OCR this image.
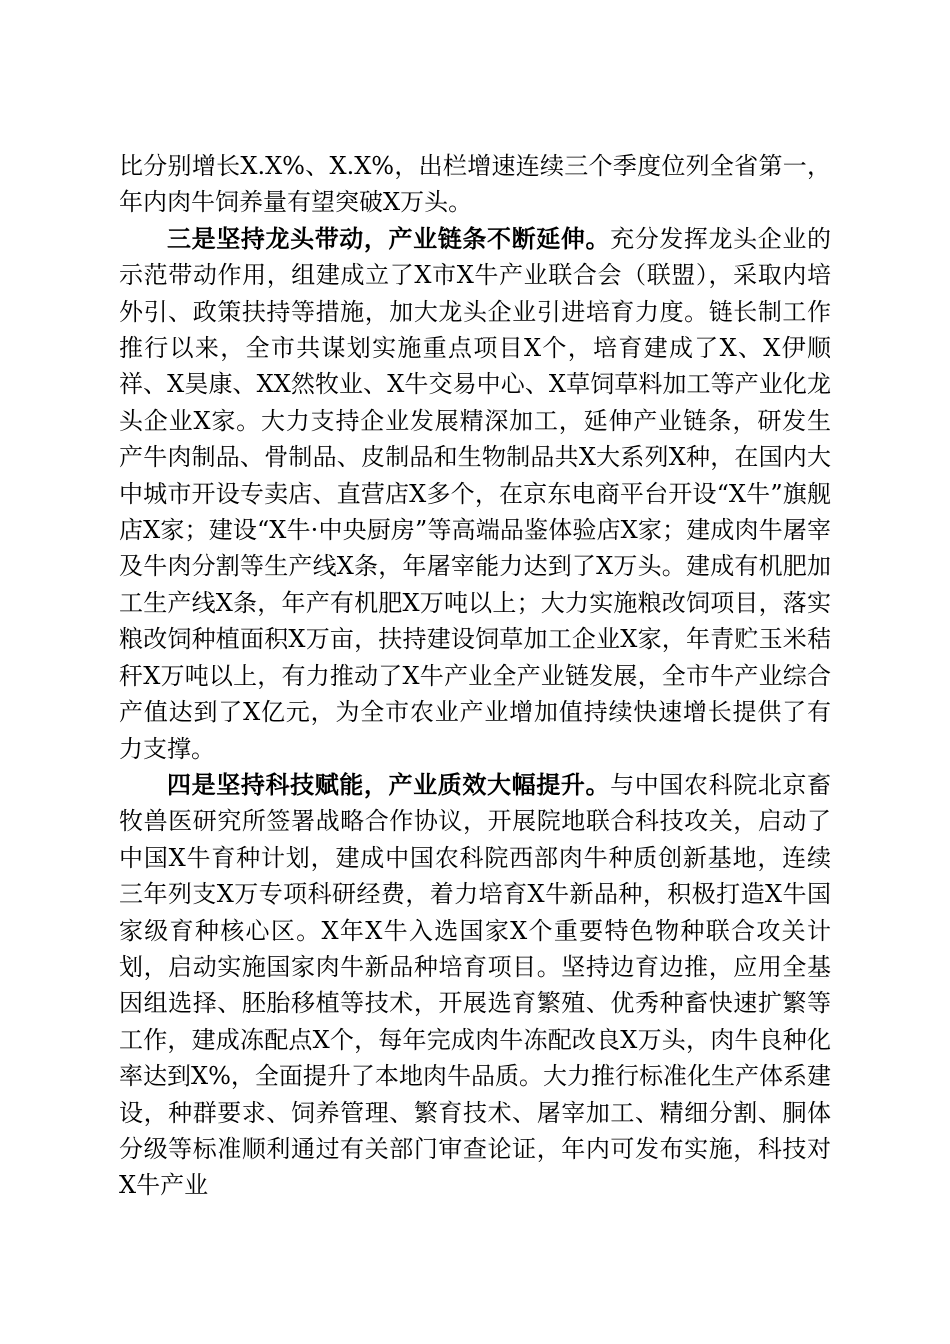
比分别增长X.X%、X.X%，出栏增速连续三个季度位列全省第一，年内肉牛饲养量有望突破X万头。

三是坚持龙头带动，产业链条不断延伸。充分发挥龙头企业的示范带动作用，组建成立了X市X牛产业联合会（联盟），采取内培外引、政策扶持等措施，加大龙头企业引进培育力度。链长制工作推行以来，全市共谋划实施重点项目X个，培育建成了X、X伊顺祥、X昊康、XX然牧业、X牛交易中心、X草饲草料加工等产业化龙头企业X家。大力支持企业发展精深加工，延伸产业链条，研发生产牛肉制品、骨制品、皮制品和生物制品共X大系列X种，在国内大中城市开设专卖店、直营店X多个，在京东电商平台开设“X牛”旗舰店X家；建设“X牛·中央厨房”等高端品鉴体验店X家；建成肉牛屠宰及牛肉分割等生产线X条，年屠宰能力达到了X万头。建成有机肥加工生产线X条，年产有机肥X万吨以上；大力实施粮改饲项目，落实粮改饲种植面积X万亩，扶持建设饲草加工企业X家，年青贮玉米秸秆X万吨以上，有力推动了X牛产业全产业链发展，全市牛产业综合产值达到了X亿元，为全市农业产业增加值持续快速增长提供了有力支撑。

四是坚持科技赋能，产业质效大幅提升。与中国农科院北京畜牧兽医研究所签署战略合作协议，开展院地联合科技攻关，启动了中国X牛育种计划，建成中国农科院西部肉牛种质创新基地，连续三年列支X万专项科研经费，着力培育X牛新品种，积极打造X牛国家级育种核心区。X年X牛入选国家X个重要特色物种联合攻关计划，启动实施国家肉牛新品种培育项目。坚持边育边推，应用全基因组选择、胚胎移植等技术，开展选育繁殖、优秀种畜快速扩繁等工作，建成冻配点X个，每年完成肉牛冻配改良X万头，肉牛良种化率达到X%，全面提升了本地肉牛品质。大力推行标准化生产体系建设，种群要求、饲养管理、繁育技术、屠宰加工、精细分割、胴体分级等标准顺利通过有关部门审查论证，年内可发布实施，科技对X牛产业
